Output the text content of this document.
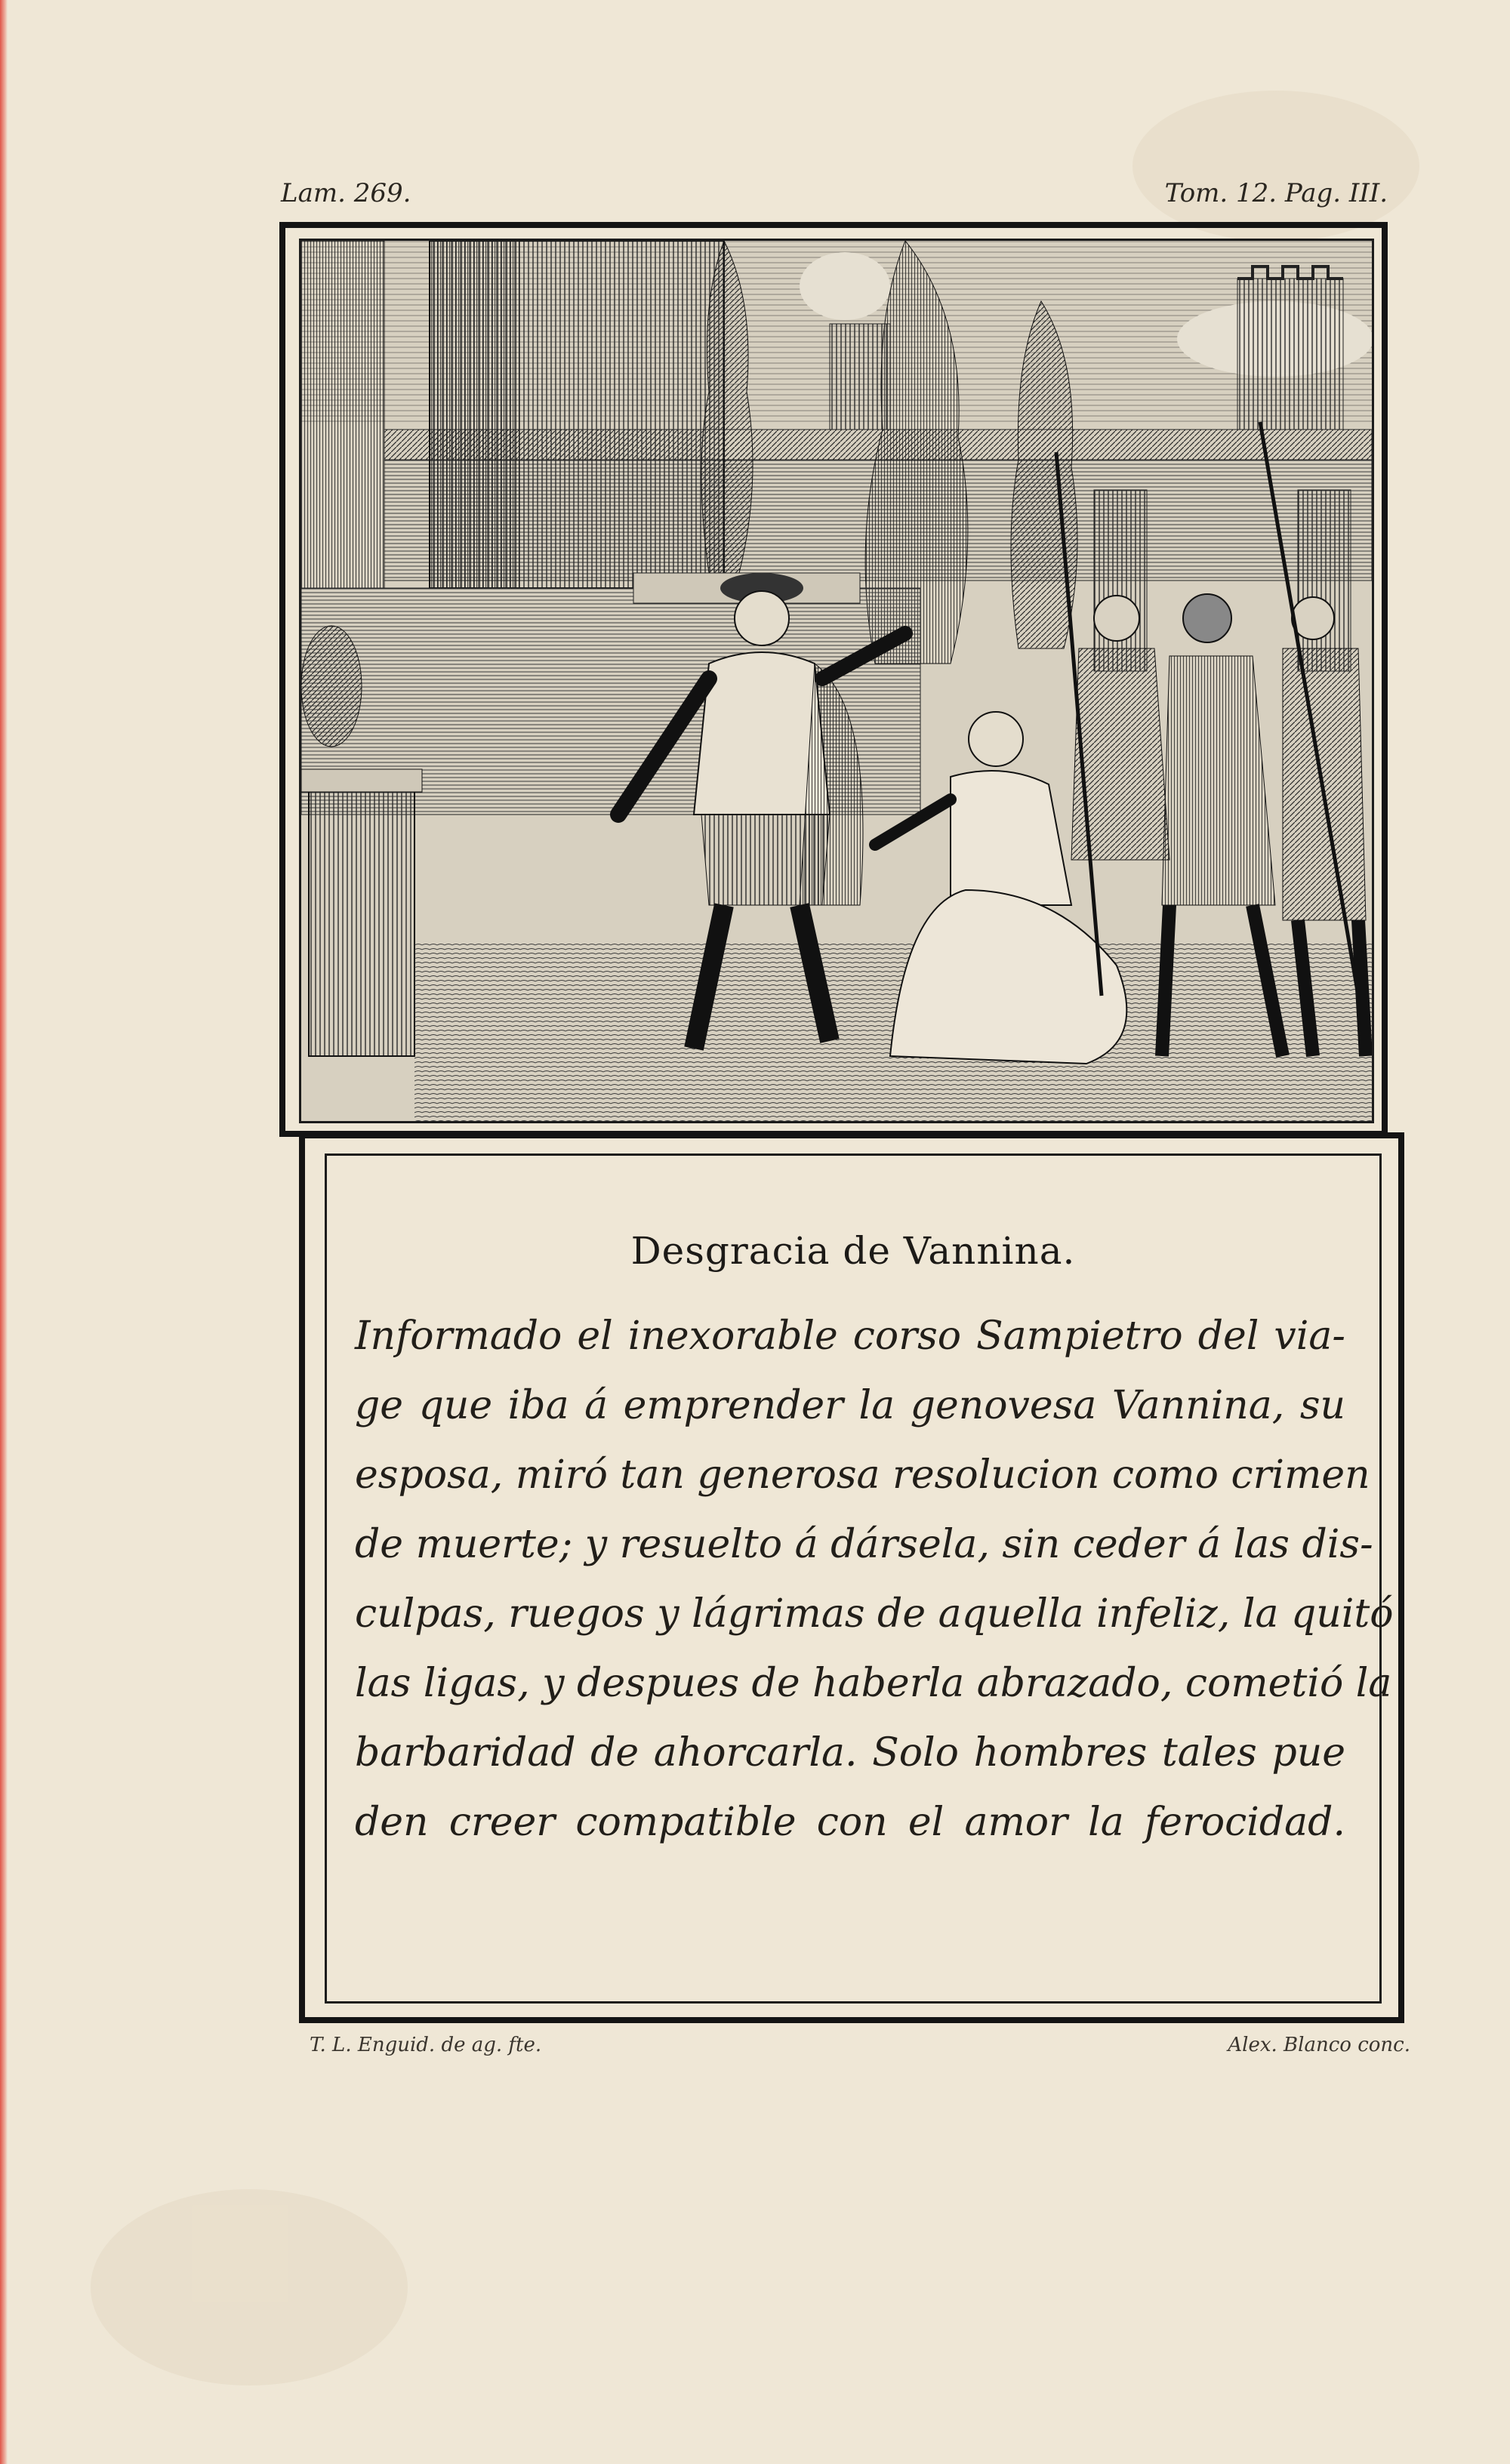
Lam. 269.	Tom. 12. Pag. III.
Desgracia de Vannina.
Informado el inexorable corso Sampietro del via-
ge que iba á emprender la genovesa Vannina, su
esposa, miró tan generosa resolucion como crimen
de muerte; y resuelto á dársela, sin ceder á las dis-
culpas, ruegos y lágrimas de aquella infeliz, la quitó
las ligas, y despues de haberla abrazado, cometió la
barbaridad de ahorcarla. Solo hombres tales pue
den creer compatible con el amor la ferocidad.
T. L. Enguid. de ag. fte.	Alex. Blanco conc.
